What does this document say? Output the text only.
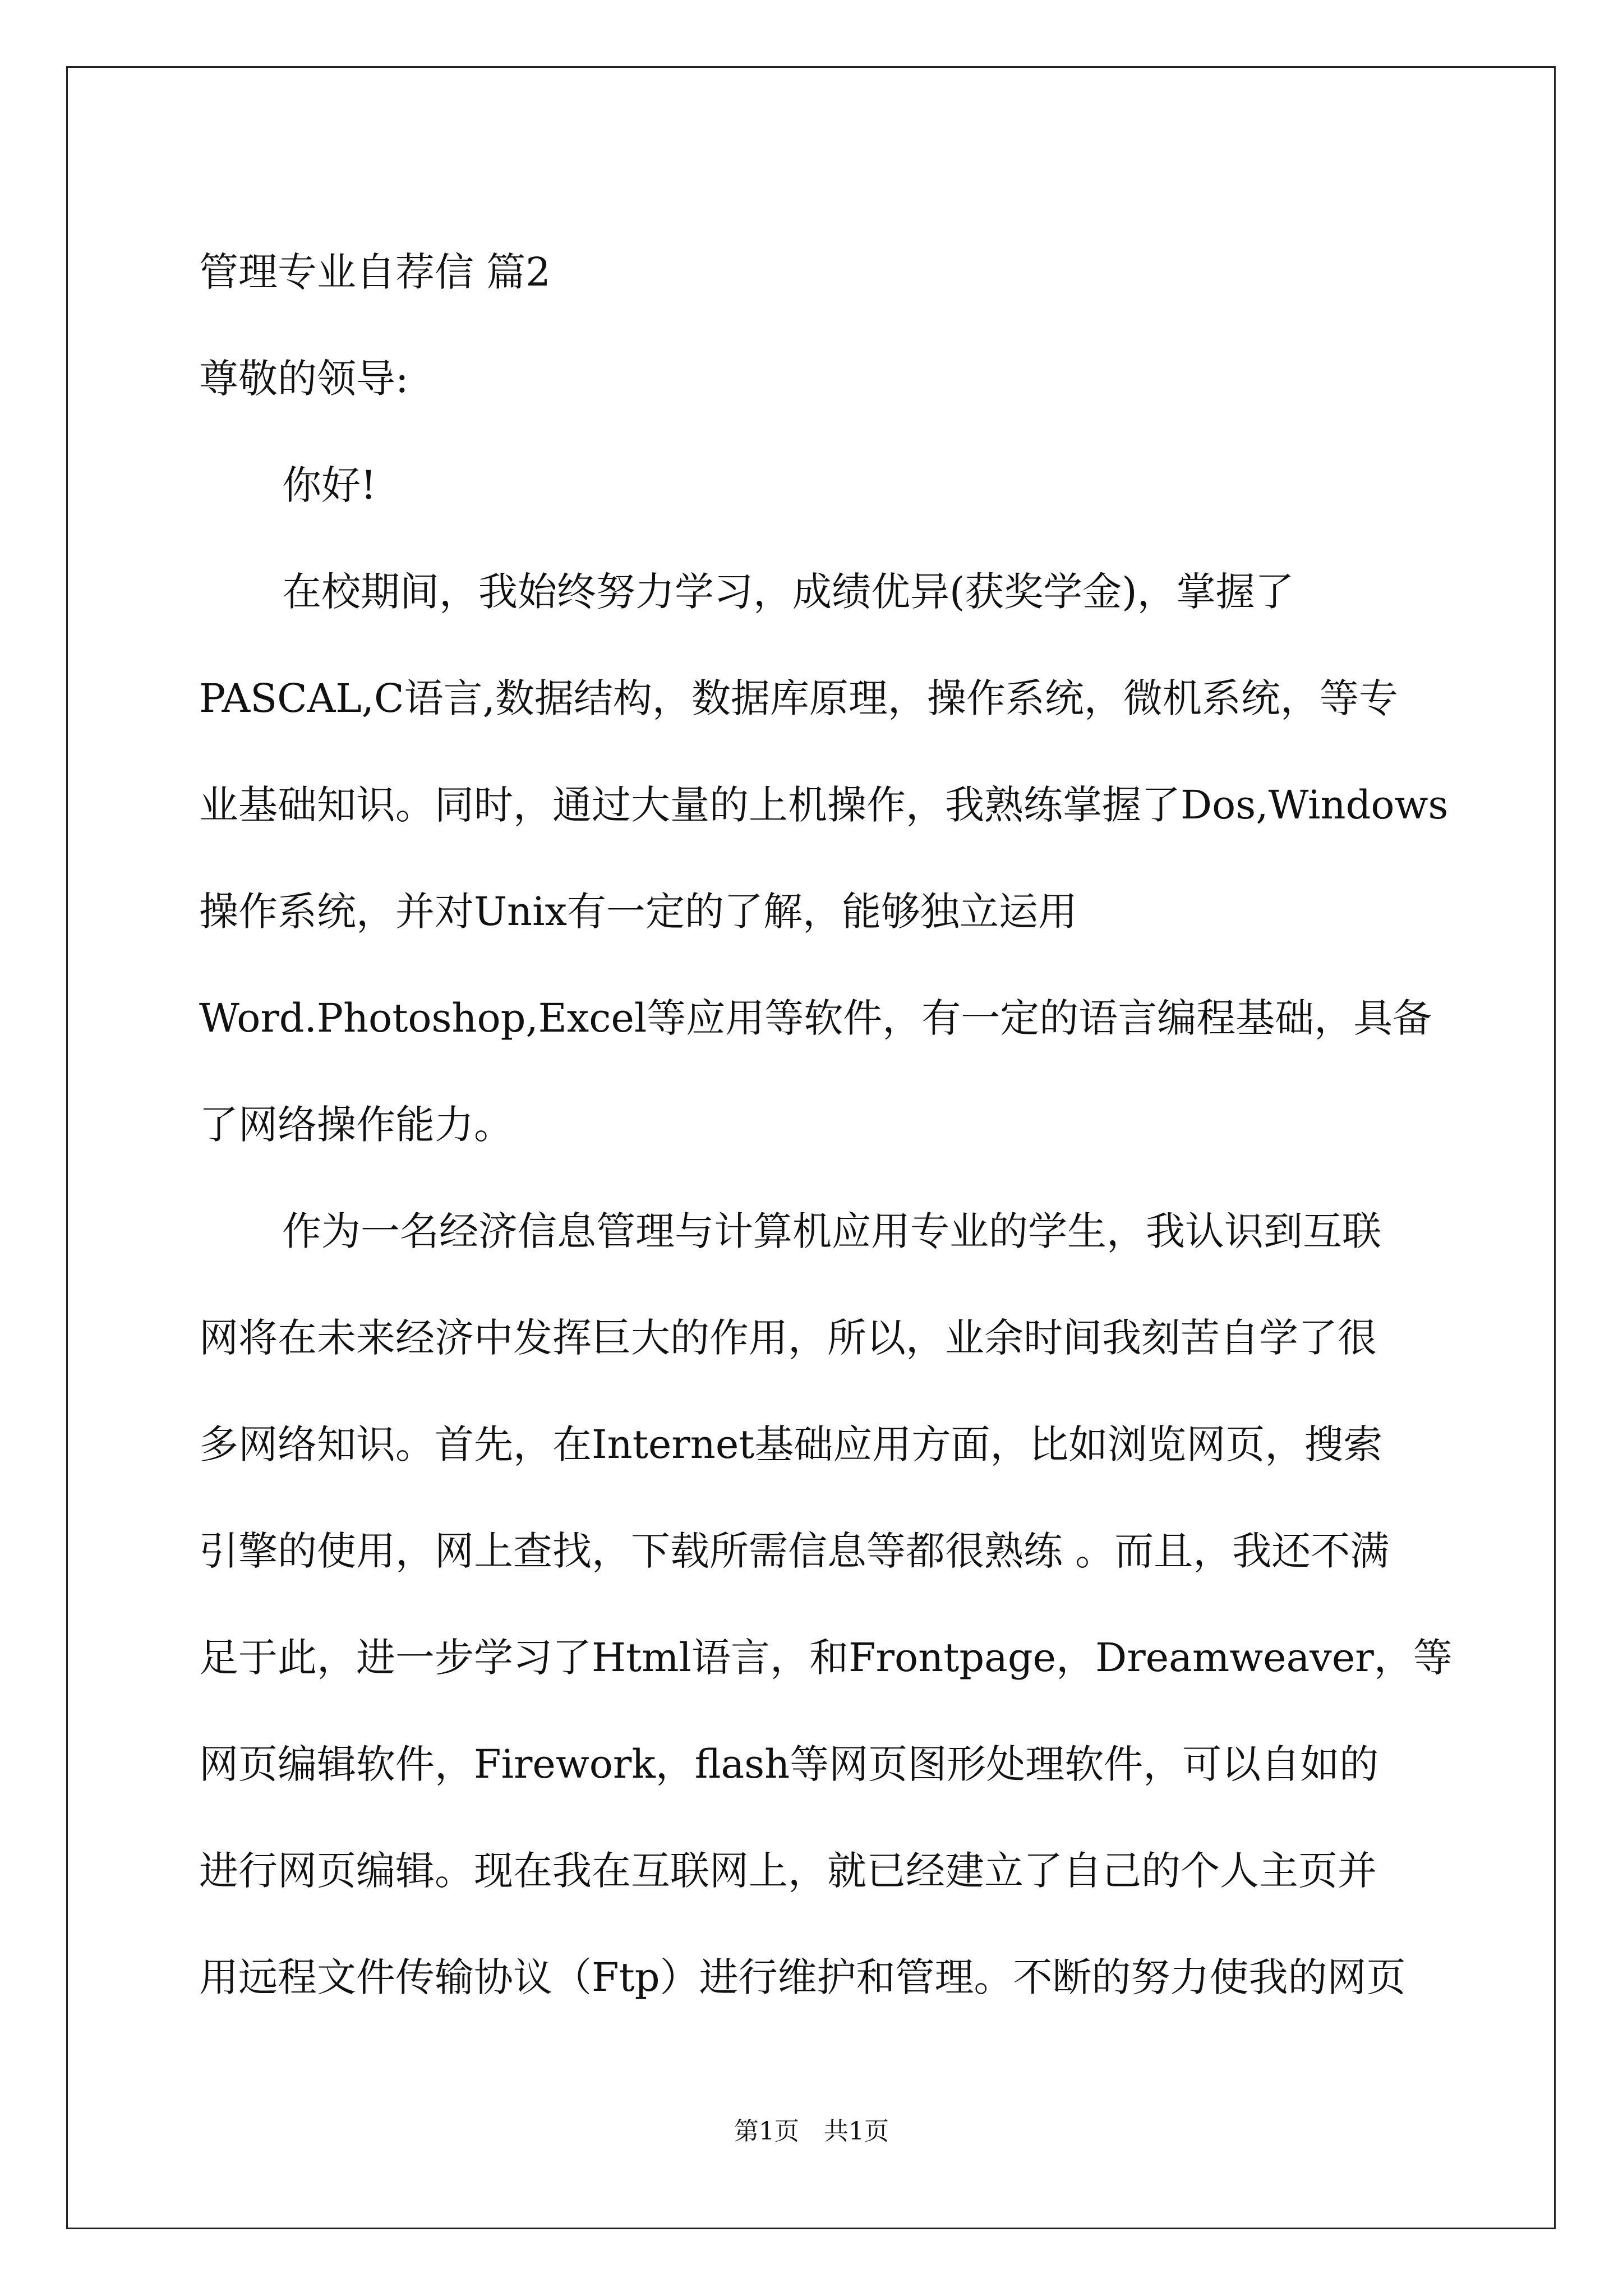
管理专业自荐信 篇2
尊敬的领导:
你好!
在校期间，我始终努力学习，成绩优异(获奖学金)，掌握了
PASCAL,C语言,数据结构，数据库原理，操作系统，微机系统，等专
业基础知识。同时，通过大量的上机操作，我熟练掌握了Dos,Windows
操作系统，并对Unix有一定的了解，能够独立运用
Word.Photoshop,Excel等应用等软件，有一定的语言编程基础，具备
了网络操作能力。
作为一名经济信息管理与计算机应用专业的学生，我认识到互联
网将在未来经济中发挥巨大的作用，所以，业余时间我刻苦自学了很
多网络知识。首先，在Internet基础应用方面，比如浏览网页，搜索
引擎的使用，网上查找，下载所需信息等都很熟练 。而且，我还不满
足于此，进一步学习了Html语言，和Frontpage，Dreamweaver，等
网页编辑软件，Firework，flash等网页图形处理软件，可以自如的
进行网页编辑。现在我在互联网上，就已经建立了自己的个人主页并
用远程文件传输协议（Ftp）进行维护和管理。不断的努力使我的网页
第1页　共1页
